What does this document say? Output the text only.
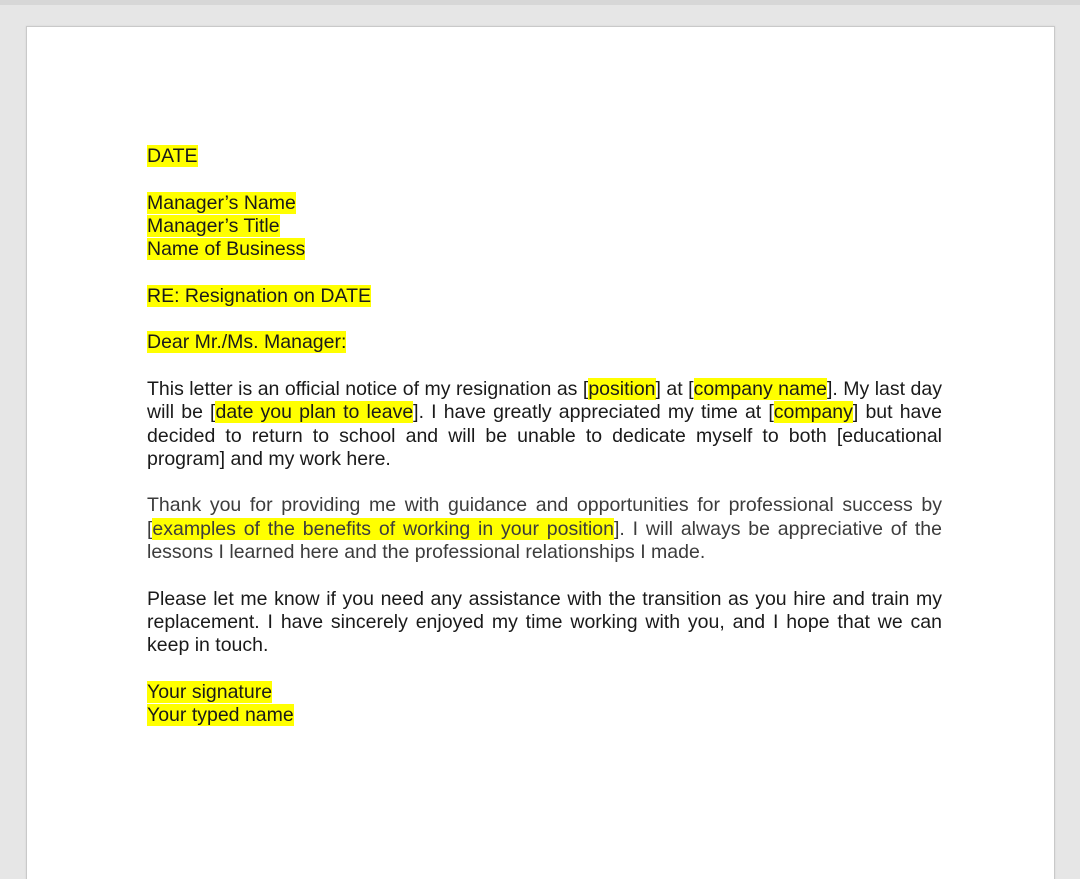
DATE
Manager’s Name
Manager’s Title
Name of Business
RE: Resignation on DATE
Dear Mr./Ms. Manager:

This letter is an official notice of my resignation as [position] at [company name]. My last day will be [date you plan to leave]. I have greatly appreciated my time at [company] but have decided to return to school and will be unable to dedicate myself to both [educational program] and my work here.

Thank you for providing me with guidance and opportunities for professional success by [examples of the benefits of working in your position]. I will always be appreciative of the lessons I learned here and the professional relationships I made.

Please let me know if you need any assistance with the transition as you hire and train my replacement. I have sincerely enjoyed my time working with you, and I hope that we can keep in touch.

Your signature
Your typed name
